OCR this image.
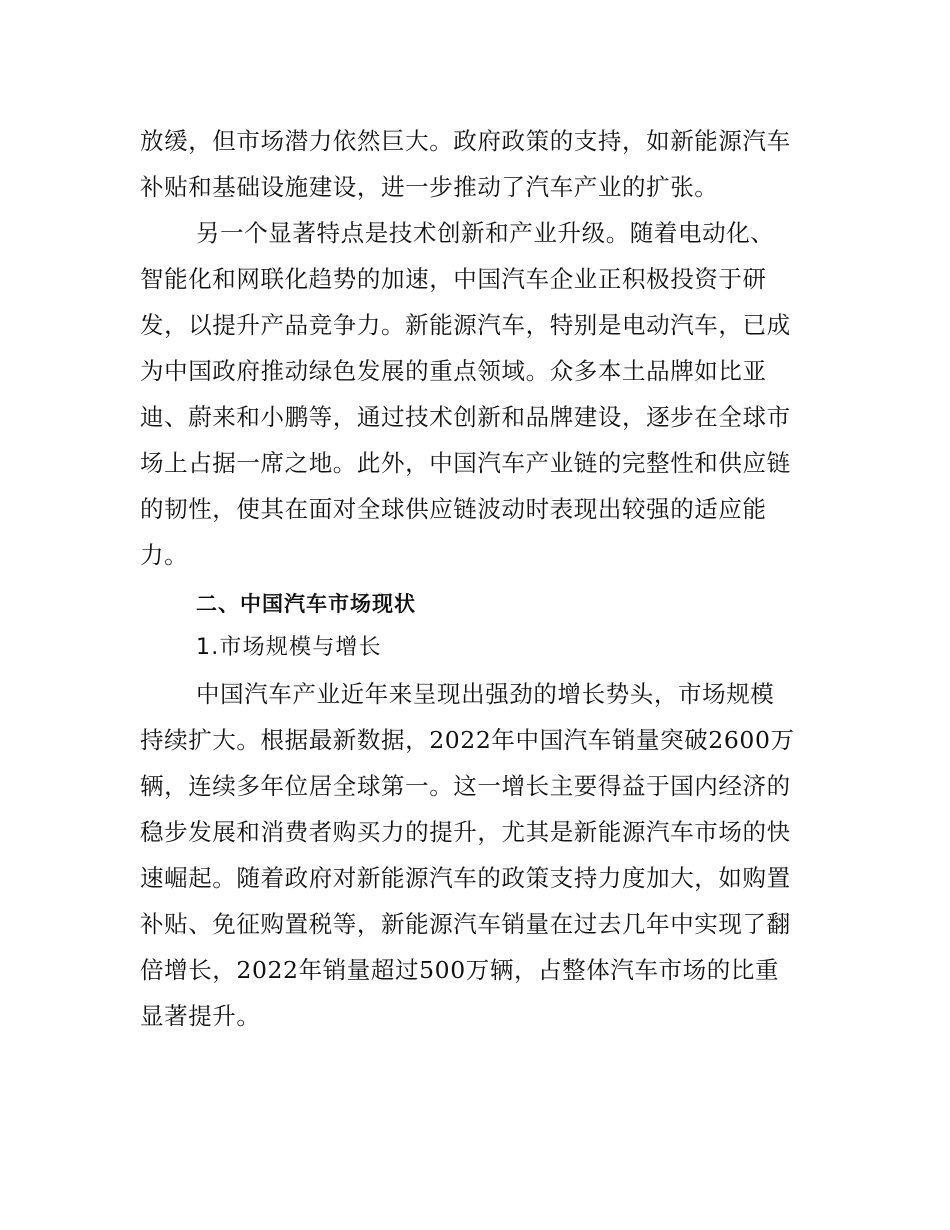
放缓，但市场潜力依然巨大。政府政策的支持，如新能源汽车
补贴和基础设施建设，进一步推动了汽车产业的扩张。
另一个显著特点是技术创新和产业升级。随着电动化、
智能化和网联化趋势的加速，中国汽车企业正积极投资于研
发，以提升产品竞争力。新能源汽车，特别是电动汽车，已成
为中国政府推动绿色发展的重点领域。众多本土品牌如比亚
迪、蔚来和小鹏等，通过技术创新和品牌建设，逐步在全球市
场上占据一席之地。此外，中国汽车产业链的完整性和供应链
的韧性，使其在面对全球供应链波动时表现出较强的适应能
力。
二、中国汽车市场现状
1.市场规模与增长
中国汽车产业近年来呈现出强劲的增长势头，市场规模
持续扩大。根据最新数据，2022年中国汽车销量突破2600万
辆，连续多年位居全球第一。这一增长主要得益于国内经济的
稳步发展和消费者购买力的提升，尤其是新能源汽车市场的快
速崛起。随着政府对新能源汽车的政策支持力度加大，如购置
补贴、免征购置税等，新能源汽车销量在过去几年中实现了翻
倍增长，2022年销量超过500万辆，占整体汽车市场的比重
显著提升。
